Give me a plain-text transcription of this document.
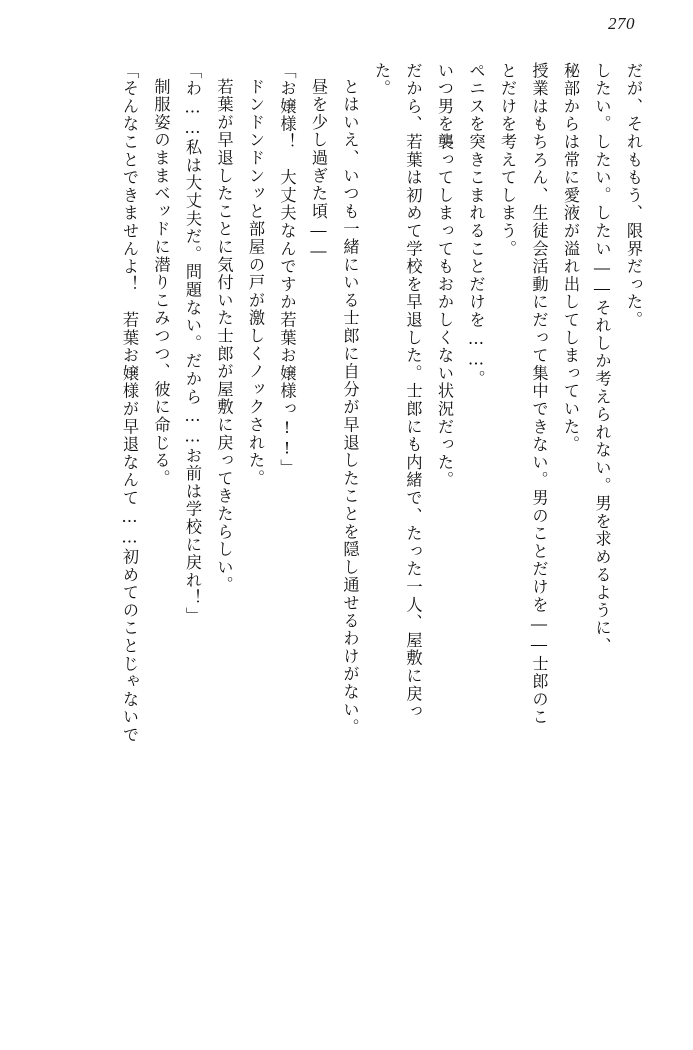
270

だが、それももう、限界だった。

したい。したい。したい――それしか考えられない。男を求めるように、

秘部からは常に愛液が溢れ出してしまっていた。

授業はもちろん、生徒会活動にだって集中できない。男のことだけを――士郎のこ

とだけを考えてしまう。

ペニスを突きこまれることだけを……。

いつ男を襲ってしまってもおかしくない状況だった。

だから、若葉は初めて学校を早退した。士郎にも内緒で、たった一人、屋敷に戻っ

た。

とはいえ、いつも一緒にいる士郎に自分が早退したことを隠し通せるわけがない。

昼を少し過ぎた頃――

「お嬢様！　大丈夫なんですか若葉お嬢様っ!!」

ドンドンドンッと部屋の戸が激しくノックされた。

若葉が早退したことに気付いた士郎が屋敷に戻ってきたらしい。

「わ……私は大丈夫だ。問題ない。だから……お前は学校に戻れ！」

制服姿のままベッドに潜りこみつつ、彼に命じる。

「そんなことできませんよ！　若葉お嬢様が早退なんて……初めてのことじゃないで
